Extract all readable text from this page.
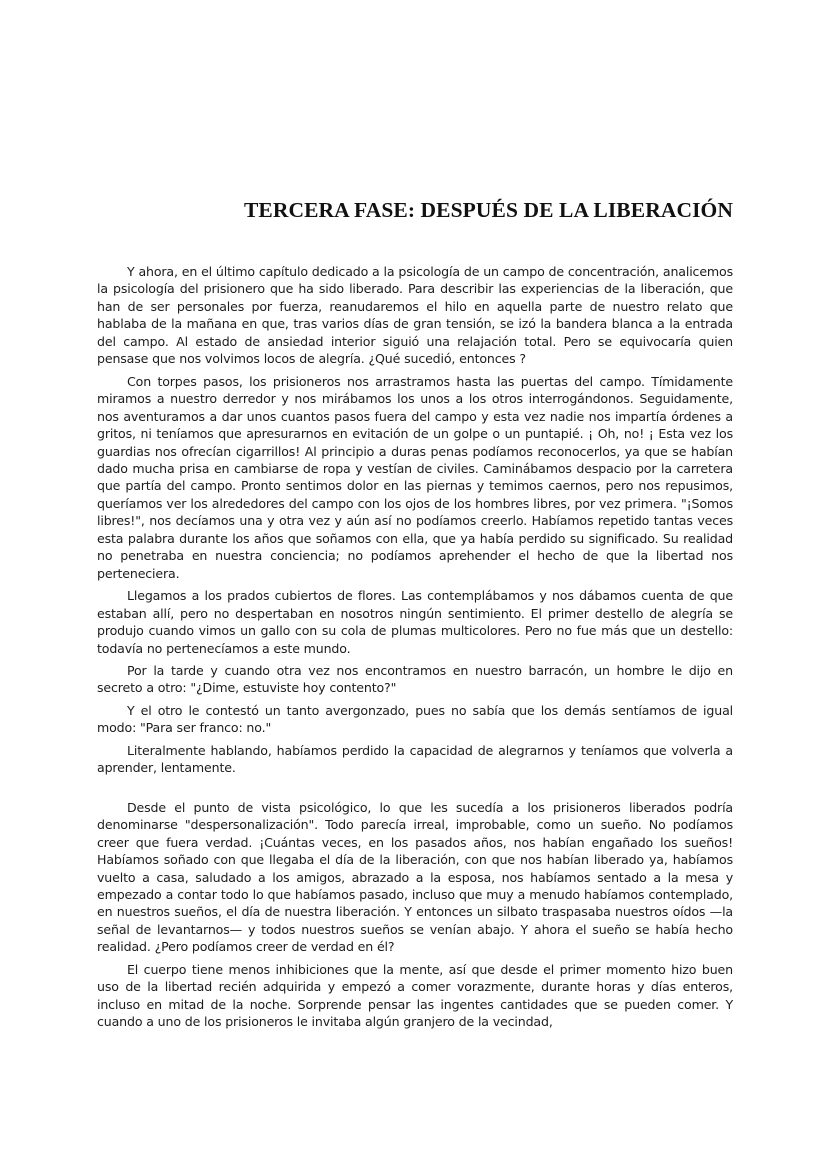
TERCERA FASE: DESPUÉS DE LA LIBERACIÓN

Y ahora, en el último capítulo dedicado a la psicología de un campo de concentración, analicemos la psicología del prisionero que ha sido liberado. Para describir las experiencias de la liberación, que han de ser personales por fuerza, reanudaremos el hilo en aquella parte de nuestro relato que hablaba de la mañana en que, tras varios días de gran tensión, se izó la bandera blanca a la entrada del campo. Al estado de ansiedad interior siguió una relajación total. Pero se equivocaría quien pensase que nos volvimos locos de alegría. ¿Qué sucedió, entonces ?

Con torpes pasos, los prisioneros nos arrastramos hasta las puertas del campo. Tímidamente miramos a nuestro derredor y nos mirábamos los unos a los otros interrogándonos. Seguidamente, nos aventuramos a dar unos cuantos pasos fuera del campo y esta vez nadie nos impartía órdenes a gritos, ni teníamos que apresurarnos en evitación de un golpe o un puntapié. ¡ Oh, no! ¡ Esta vez los guardias nos ofrecían cigarrillos! Al principio a duras penas podíamos reconocerlos, ya que se habían dado mucha prisa en cambiarse de ropa y vestían de civiles. Caminábamos despacio por la carretera que partía del campo. Pronto sentimos dolor en las piernas y temimos caernos, pero nos repusimos, queríamos ver los alrededores del campo con los ojos de los hombres libres, por vez primera. "¡Somos libres!", nos decíamos una y otra vez y aún así no podíamos creerlo. Habíamos repetido tantas veces esta palabra durante los años que soñamos con ella, que ya había perdido su significado. Su realidad no penetraba en nuestra conciencia; no podíamos aprehender el hecho de que la libertad nos perteneciera.

Llegamos a los prados cubiertos de flores. Las contemplábamos y nos dábamos cuenta de que estaban allí, pero no despertaban en nosotros ningún sentimiento. El primer destello de alegría se produjo cuando vimos un gallo con su cola de plumas multicolores. Pero no fue más que un destello: todavía no pertenecíamos a este mundo.

Por la tarde y cuando otra vez nos encontramos en nuestro barracón, un hombre le dijo en secreto a otro: "¿Dime, estuviste hoy contento?"

Y el otro le contestó un tanto avergonzado, pues no sabía que los demás sentíamos de igual modo: "Para ser franco: no."

Literalmente hablando, habíamos perdido la capacidad de alegrarnos y teníamos que volverla a aprender, lentamente.

Desde el punto de vista psicológico, lo que les sucedía a los prisioneros liberados podría denominarse "despersonalización". Todo parecía irreal, improbable, como un sueño. No podíamos creer que fuera verdad. ¡Cuántas veces, en los pasados años, nos habían engañado los sueños! Habíamos soñado con que llegaba el día de la liberación, con que nos habían liberado ya, habíamos vuelto a casa, saludado a los amigos, abrazado a la esposa, nos habíamos sentado a la mesa y empezado a contar todo lo que habíamos pasado, incluso que muy a menudo habíamos contemplado, en nuestros sueños, el día de nuestra liberación. Y entonces un silbato traspasaba nuestros oídos —la señal de levantarnos— y todos nuestros sueños se venían abajo. Y ahora el sueño se había hecho realidad. ¿Pero podíamos creer de verdad en él?

El cuerpo tiene menos inhibiciones que la mente, así que desde el primer momento hizo buen uso de la libertad recién adquirida y empezó a comer vorazmente, durante horas y días enteros, incluso en mitad de la noche. Sorprende pensar las ingentes cantidades que se pueden comer. Y cuando a uno de los prisioneros le invitaba algún granjero de la vecindad,
